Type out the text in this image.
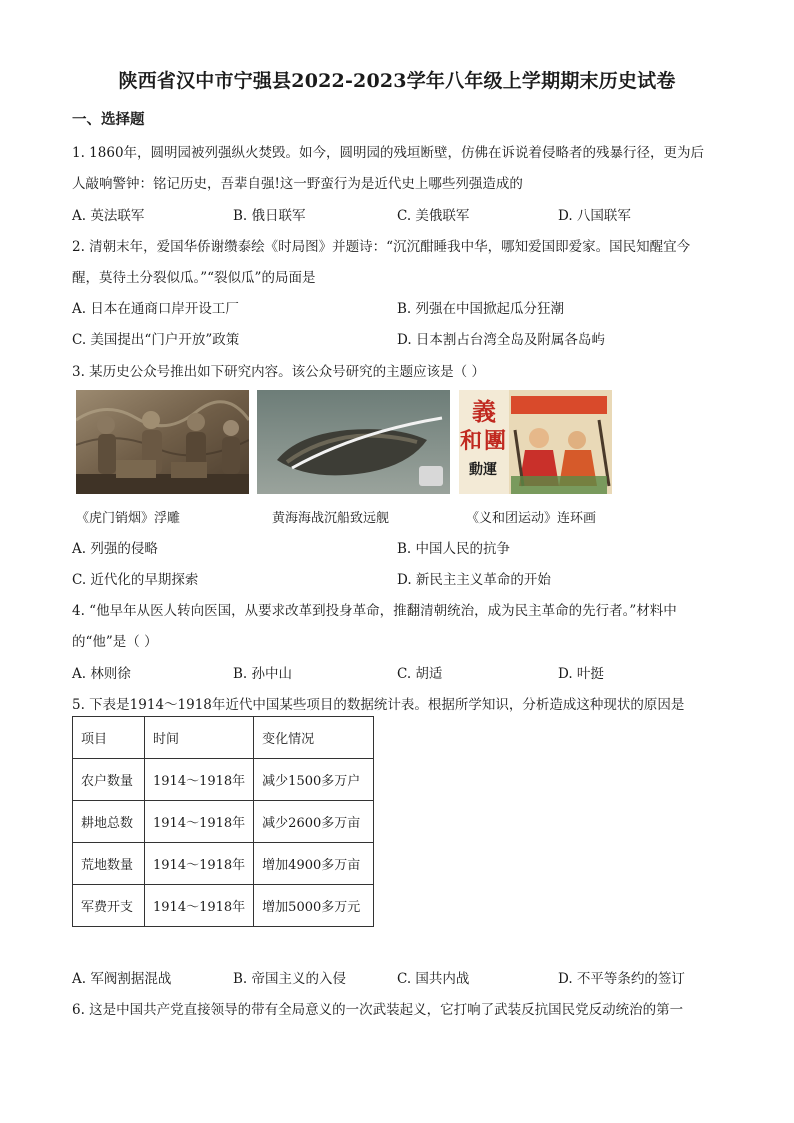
陕西省汉中市宁强县2022-2023学年八年级上学期期末历史试卷
一、选择题
1. 1860年，圆明园被列强纵火焚毁。如今，圆明园的残垣断壁，仿佛在诉说着侵略者的残暴行径，更为后
人敲响警钟：铭记历史，吾辈自强!这一野蛮行为是近代史上哪些列强造成的
A. 英法联军	B. 俄日联军	C. 美俄联军	D. 八国联军
2. 清朝末年，爱国华侨谢缵泰绘《时局图》并题诗：“沉沉酣睡我中华，哪知爱国即爱家。国民知醒宜今
醒，莫待土分裂似瓜。”“裂似瓜”的局面是
A. 日本在通商口岸开设工厂	B. 列强在中国掀起瓜分狂潮
C. 美国提出“门户开放”政策	D. 日本割占台湾全岛及附属各岛屿
3. 某历史公众号推出如下研究内容。该公众号研究的主题应该是（ ）
義
和 團
動運
《虎门销烟》浮雕	黄海海战沉船致远舰	《义和团运动》连环画
A. 列强的侵略	B. 中国人民的抗争
C. 近代化的早期探索	D. 新民主主义革命的开始
4. “他早年从医人转向医国，从要求改革到投身革命，推翻清朝统治，成为民主革命的先行者。”材料中
的“他”是（ ）
A. 林则徐	B. 孙中山	C. 胡适	D. 叶挺
5. 下表是1914～1918年近代中国某些项目的数据统计表。根据所学知识，分析造成这种现状的原因是
项目	时间	变化情况
农户数量	1914～1918年	减少1500多万户
耕地总数	1914～1918年	减少2600多万亩
荒地数量	1914～1918年	增加4900多万亩
军费开支	1914～1918年	增加5000多万元
A. 军阀割据混战	B. 帝国主义的入侵	C. 国共内战	D. 不平等条约的签订
6. 这是中国共产党直接领导的带有全局意义的一次武装起义，它打响了武装反抗国民党反动统治的第一
